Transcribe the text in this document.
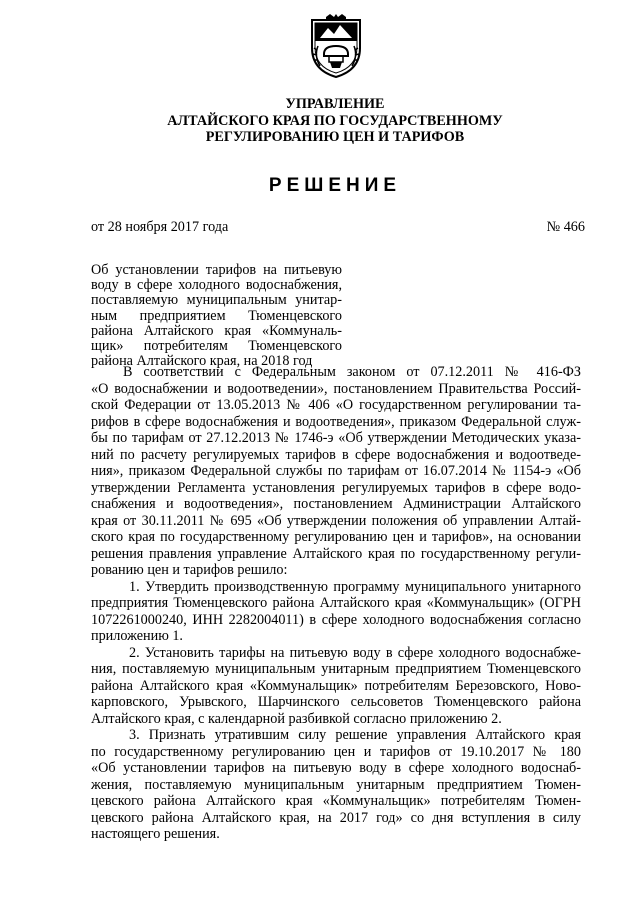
УПРАВЛЕНИЕ
АЛТАЙСКОГО КРАЯ ПО ГОСУДАРСТВЕННОМУ
РЕГУЛИРОВАНИЮ ЦЕН И ТАРИФОВ
РЕШЕНИЕ
от 28 ноября 2017 года	№ 466
Об установлении тарифов на питьевую
воду в сфере холодного водоснабжения,
поставляемую муниципальным унитар-
ным предприятием Тюменцевского
района Алтайского края «Коммуналь-
щик» потребителям Тюменцевского
района Алтайского края, на 2018 год
В соответствии с Федеральным законом от 07.12.2011 № 416-ФЗ
«О водоснабжении и водоотведении», постановлением Правительства Россий-
ской Федерации от 13.05.2013 № 406 «О государственном регулировании та-
рифов в сфере водоснабжения и водоотведения», приказом Федеральной служ-
бы по тарифам от 27.12.2013 № 1746-э «Об утверждении Методических указа-
ний по расчету регулируемых тарифов в сфере водоснабжения и водоотведе-
ния», приказом Федеральной службы по тарифам от 16.07.2014 № 1154-э «Об
утверждении Регламента установления регулируемых тарифов в сфере водо-
снабжения и водоотведения», постановлением Администрации Алтайского
края от 30.11.2011 № 695 «Об утверждении положения об управлении Алтай-
ского края по государственному регулированию цен и тарифов», на основании
решения правления управление Алтайского края по государственному регули-
рованию цен и тарифов решило:
1. Утвердить производственную программу муниципального унитарного
предприятия Тюменцевского района Алтайского края «Коммунальщик» (ОГРН
1072261000240, ИНН 2282004011) в сфере холодного водоснабжения согласно
приложению 1.
2. Установить тарифы на питьевую воду в сфере холодного водоснабже-
ния, поставляемую муниципальным унитарным предприятием Тюменцевского
района Алтайского края «Коммунальщик» потребителям Березовского, Ново-
карповского, Урывского, Шарчинского сельсоветов Тюменцевского района
Алтайского края, с календарной разбивкой согласно приложению 2.
3. Признать утратившим силу решение управления Алтайского края
по государственному регулированию цен и тарифов от 19.10.2017 № 180
«Об установлении тарифов на питьевую воду в сфере холодного водоснаб-
жения, поставляемую муниципальным унитарным предприятием Тюмен-
цевского района Алтайского края «Коммунальщик» потребителям Тюмен-
цевского района Алтайского края, на 2017 год» со дня вступления в силу
настоящего решения.
